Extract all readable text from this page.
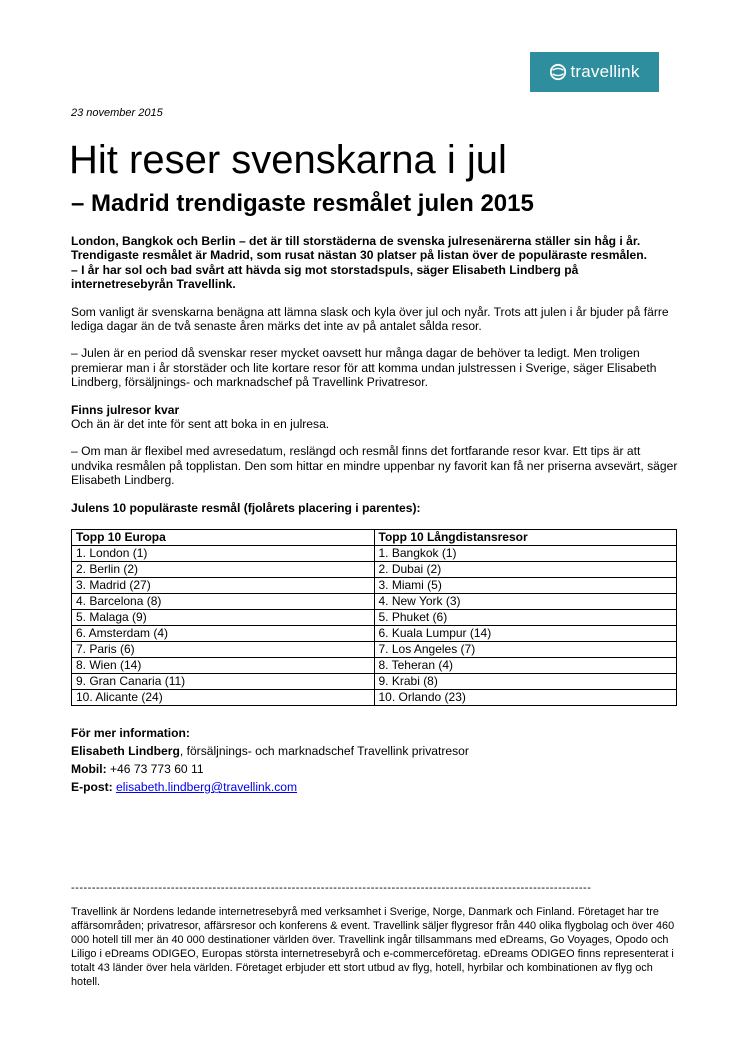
travellink
23 november 2015
Hit reser svenskarna i jul
– Madrid trendigaste resmålet julen 2015

London, Bangkok och Berlin – det är till storstäderna de svenska julresenärerna ställer sin håg i år.

Trendigaste resmålet är Madrid, som rusat nästan 30 platser på listan över de populäraste resmålen.

– I år har sol och bad svårt att hävda sig mot storstadspuls, säger Elisabeth Lindberg på internetresebyrån Travellink.

Som vanligt är svenskarna benägna att lämna slask och kyla över jul och nyår. Trots att julen i år bjuder på färre lediga dagar än de två senaste åren märks det inte av på antalet sålda resor.

– Julen är en period då svenskar reser mycket oavsett hur många dagar de behöver ta ledigt. Men troligen premierar man i år storstäder och lite kortare resor för att komma undan julstressen i Sverige, säger Elisabeth Lindberg, försäljnings- och marknadschef på Travellink Privatresor.

Finns julresor kvar

Och än är det inte för sent att boka in en julresa.

– Om man är flexibel med avresedatum, reslängd och resmål finns det fortfarande resor kvar. Ett tips är att undvika resmålen på topplistan. Den som hittar en mindre uppenbar ny favorit kan få ner priserna avsevärt, säger Elisabeth Lindberg.

Julens 10 populäraste resmål (fjolårets placering i parentes):

Topp 10 Europa	Topp 10 Långdistansresor
1. London (1)	1. Bangkok (1)
2. Berlin (2)	2. Dubai (2)
3. Madrid (27)	3. Miami (5)
4. Barcelona (8)	4. New York (3)
5. Malaga (9)	5. Phuket (6)
6. Amsterdam (4)	6. Kuala Lumpur (14)
7. Paris (6)	7. Los Angeles (7)
8. Wien (14)	8. Teheran (4)
9. Gran Canaria (11)	9. Krabi (8)
10. Alicante (24)	10. Orlando (23)
För mer information:
Elisabeth Lindberg, försäljnings- och marknadschef Travellink privatresor
Mobil: +46 73 773 60 11
E-post: elisabeth.lindberg@travellink.com
-----------------------------------------------------------------------------------------------------------------------------
Travellink är Nordens ledande internetresebyrå med verksamhet i Sverige, Norge, Danmark och Finland. Företaget har tre affärsområden; privatresor, affärsresor och konferens & event. Travellink säljer flygresor från 440 olika flygbolag och över 460 000 hotell till mer än 40 000 destinationer världen över. Travellink ingår tillsammans med eDreams, Go Voyages, Opodo och Liligo i eDreams ODIGEO, Europas största internetresebyrå och e-commerceföretag. eDreams ODIGEO finns representerat i totalt 43 länder över hela världen. Företaget erbjuder ett stort utbud av flyg, hotell, hyrbilar och kombinationen av flyg och hotell.
